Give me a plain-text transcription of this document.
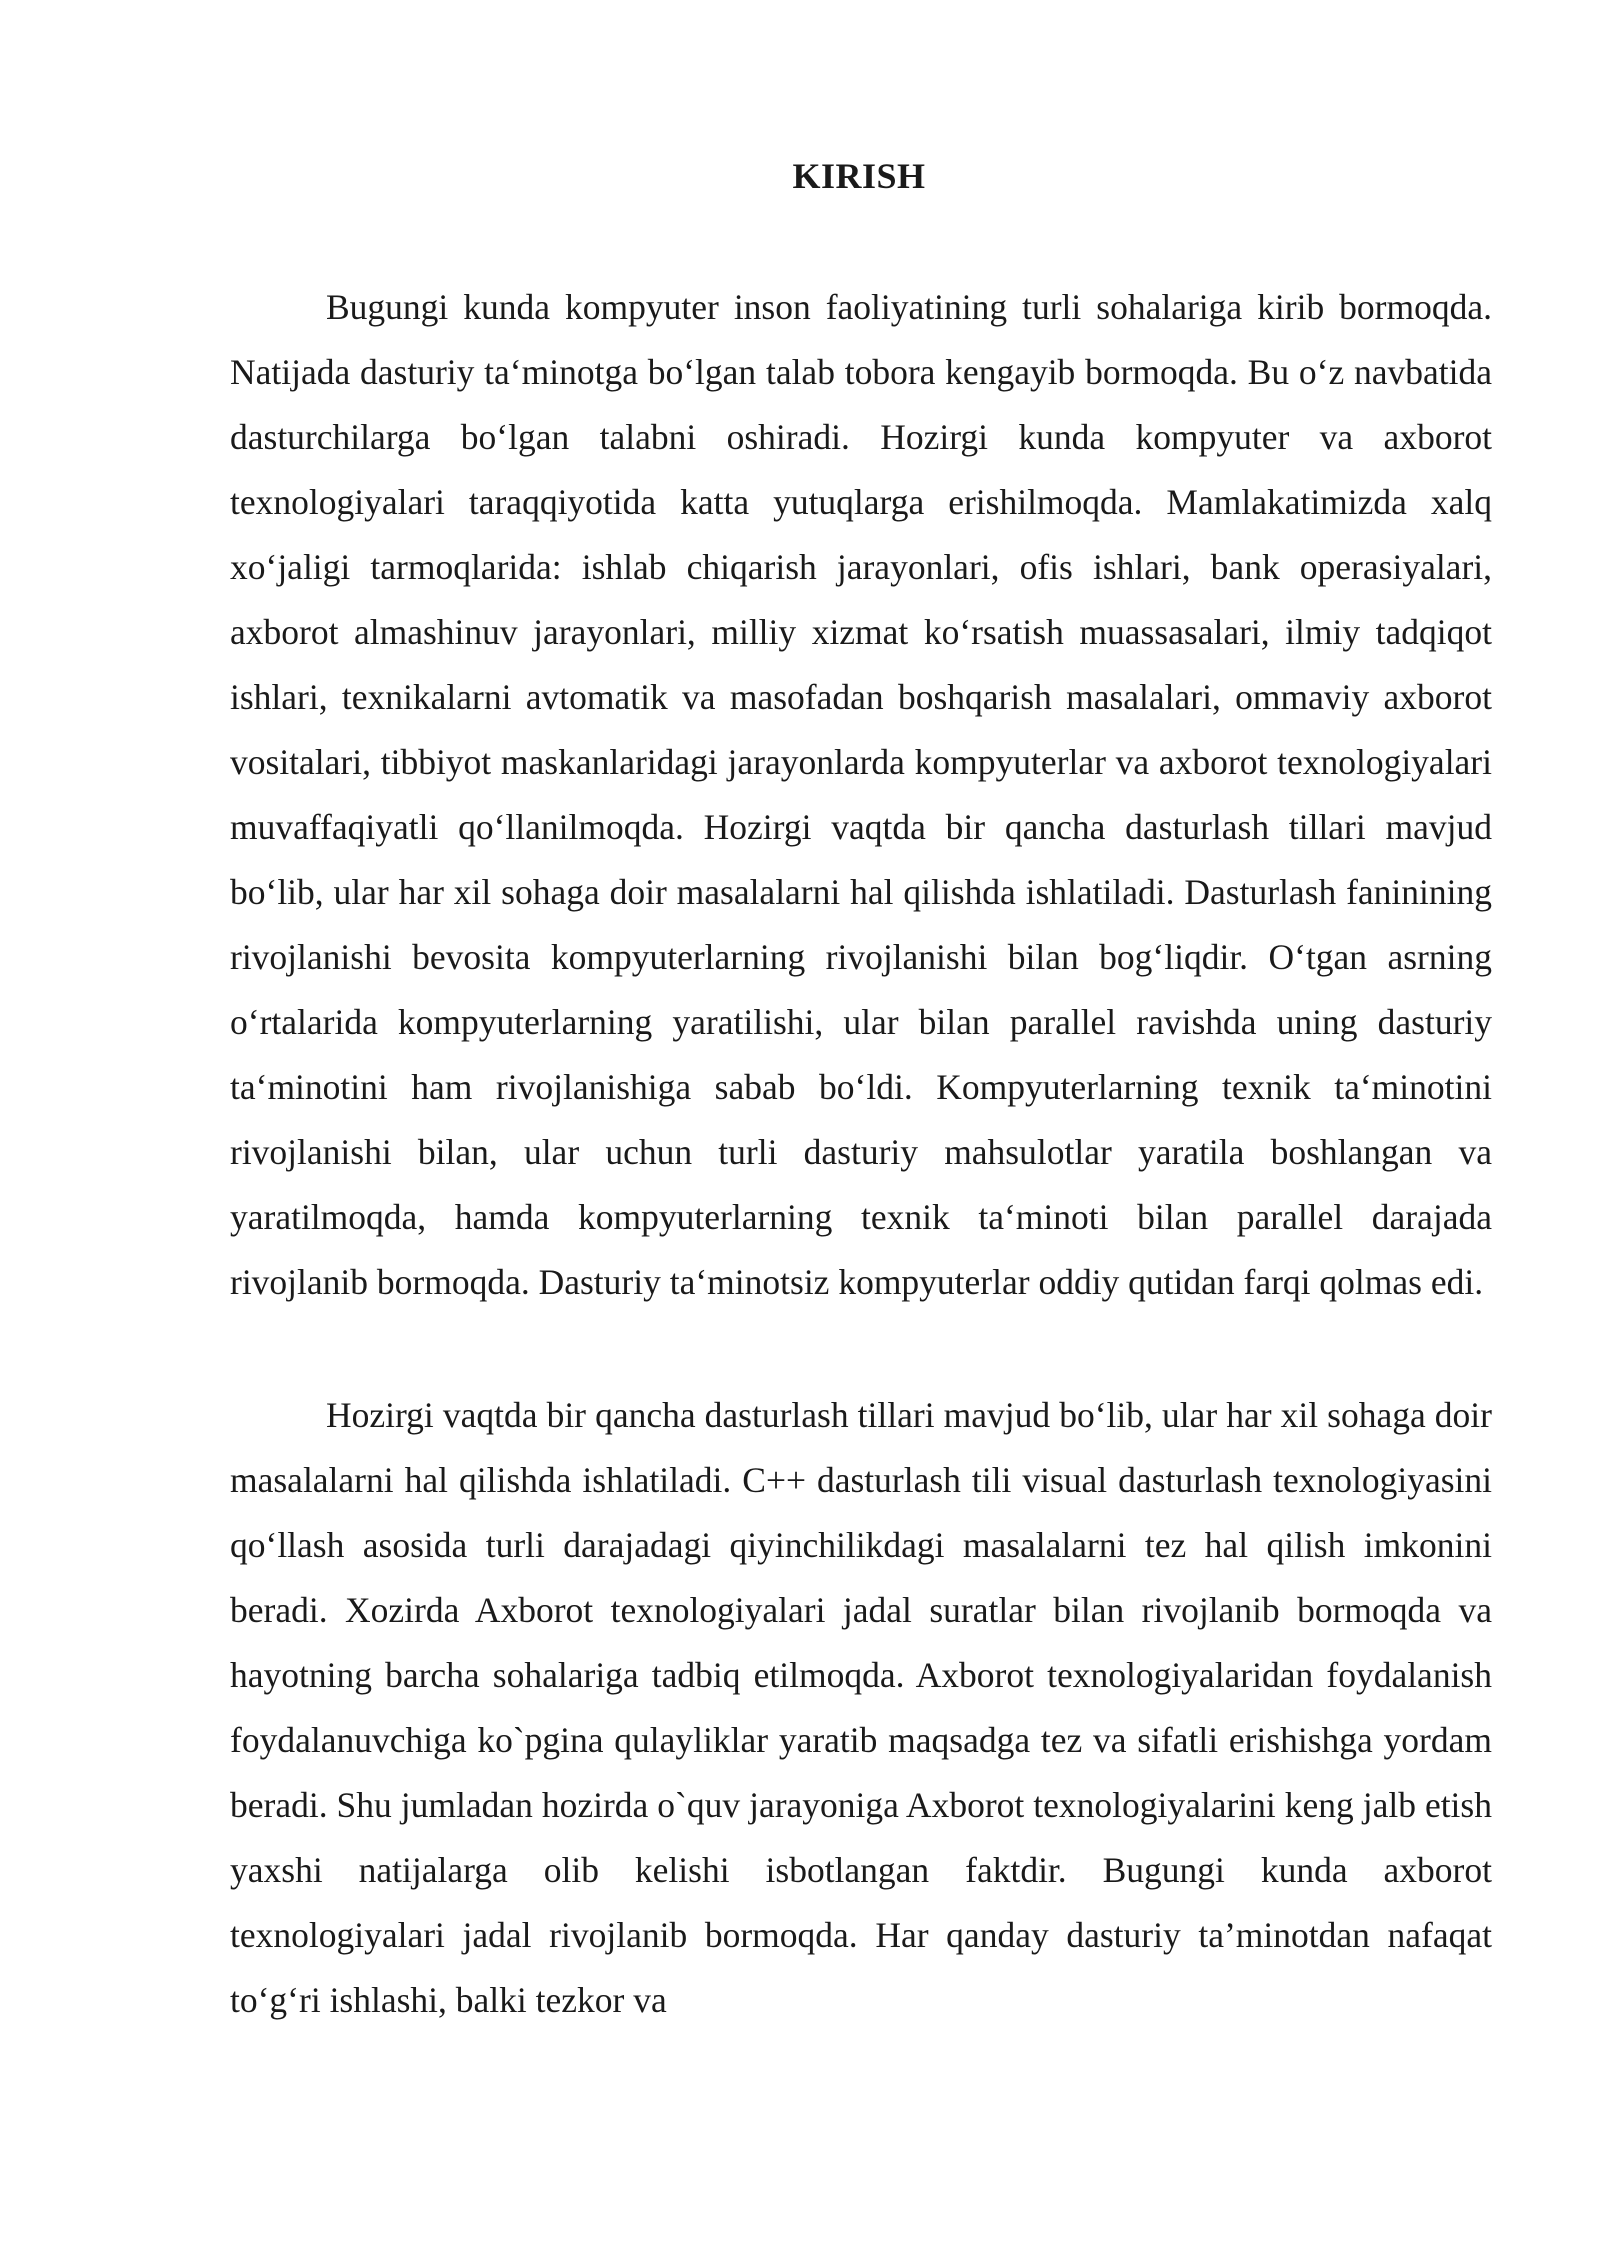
KIRISH

Bugungi kunda kompyuter inson faoliyatining turli sohalariga kirib bormoqda. Natijada dasturiy ta‘minotga bo‘lgan talab tobora kengayib bormoqda. Bu o‘z navbatida dasturchilarga bo‘lgan talabni oshiradi. Hozirgi kunda kompyuter va axborot texnologiyalari taraqqiyotida katta yutuqlarga erishilmoqda. Mamlakatimizda xalq xo‘jaligi tarmoqlarida: ishlab chiqarish jarayonlari, ofis ishlari, bank operasiyalari, axborot almashinuv jarayonlari, milliy xizmat ko‘rsatish muassasalari, ilmiy tadqiqot ishlari, texnikalarni avtomatik va masofadan boshqarish masalalari, ommaviy axborot vositalari, tibbiyot maskanlaridagi jarayonlarda kompyuterlar va axborot texnologiyalari muvaffaqiyatli qo‘llanilmoqda. Hozirgi vaqtda bir qancha dasturlash tillari mavjud bo‘lib, ular har xil sohaga doir masalalarni hal qilishda ishlatiladi. Dasturlash faninining rivojlanishi bevosita kompyuterlarning rivojlanishi bilan bog‘liqdir. O‘tgan asrning o‘rtalarida kompyuterlarning yaratilishi, ular bilan parallel ravishda uning dasturiy ta‘minotini ham rivojlanishiga sabab bo‘ldi. Kompyuterlarning texnik ta‘minotini rivojlanishi bilan, ular uchun turli dasturiy mahsulotlar yaratila boshlangan va yaratilmoqda, hamda kompyuterlarning texnik ta‘minoti bilan parallel darajada rivojlanib bormoqda. Dasturiy ta‘minotsiz kompyuterlar oddiy qutidan farqi qolmas edi.

Hozirgi vaqtda bir qancha dasturlash tillari mavjud bo‘lib, ular har xil sohaga doir masalalarni hal qilishda ishlatiladi. C++ dasturlash tili visual dasturlash texnologiyasini qo‘llash asosida turli darajadagi qiyinchilikdagi masalalarni tez hal qilish imkonini beradi. Xozirda Axborot texnologiyalari jadal suratlar bilan rivojlanib bormoqda va hayotning barcha sohalariga tadbiq etilmoqda. Axborot texnologiyalaridan foydalanish foydalanuvchiga ko`pgina qulayliklar yaratib maqsadga tez va sifatli erishishga yordam beradi. Shu jumladan hozirda o`quv jarayoniga Axborot texnologiyalarini keng jalb etish yaxshi natijalarga olib kelishi isbotlangan faktdir. Bugungi kunda axborot texnologiyalari jadal rivojlanib bormoqda. Har qanday dasturiy ta’minotdan nafaqat to‘g‘ri ishlashi, balki tezkor va
